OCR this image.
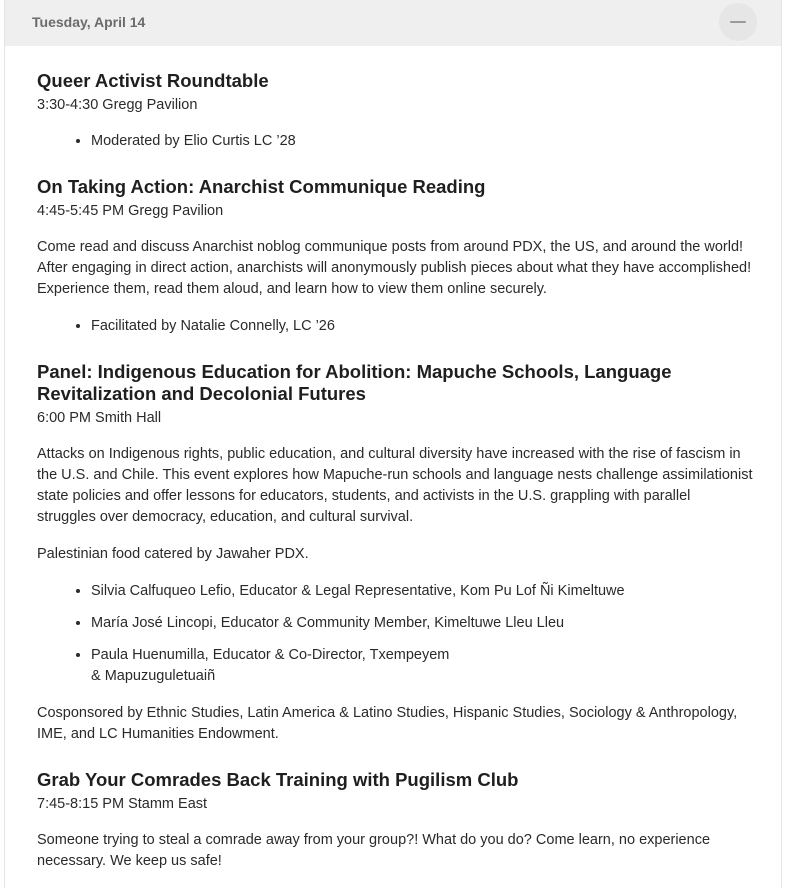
Tuesday, April 14
Queer Activist Roundtable

3:30-4:30 Gregg Pavilion

• Moderated by Elio Curtis LC ’28
On Taking Action: Anarchist Communique Reading

4:45-5:45 PM Gregg Pavilion

Come read and discuss Anarchist noblog communique posts from around PDX, the US, and around the world! After engaging in direct action, anarchists will anonymously publish pieces about what they have accomplished! Experience them, read them aloud, and learn how to view them online securely.

• Facilitated by Natalie Connelly, LC ’26
Panel: Indigenous Education for Abolition: Mapuche Schools, Language Revitalization and Decolonial Futures

6:00 PM Smith Hall

Attacks on Indigenous rights, public education, and cultural diversity have increased with the rise of fascism in the U.S. and Chile. This event explores how Mapuche-run schools and language nests challenge assimilationist state policies and offer lessons for educators, students, and activists in the U.S. grappling with parallel struggles over democracy, education, and cultural survival.

Palestinian food catered by Jawaher PDX.

• Silvia Calfuqueo Lefio, Educator & Legal Representative, Kom Pu Lof Ñi Kimeltuwe
• María José Lincopi, Educator & Community Member, Kimeltuwe Lleu Lleu
• Paula Huenumilla, Educator & Co-Director, Txempeyem & Mapuzuguletuaiñ

Cosponsored by Ethnic Studies, Latin America & Latino Studies, Hispanic Studies, Sociology & Anthropology, IME, and LC Humanities Endowment.

Grab Your Comrades Back Training with Pugilism Club

7:45-8:15 PM Stamm East

Someone trying to steal a comrade away from your group?! What do you do? Come learn, no experience necessary. We keep us safe!
